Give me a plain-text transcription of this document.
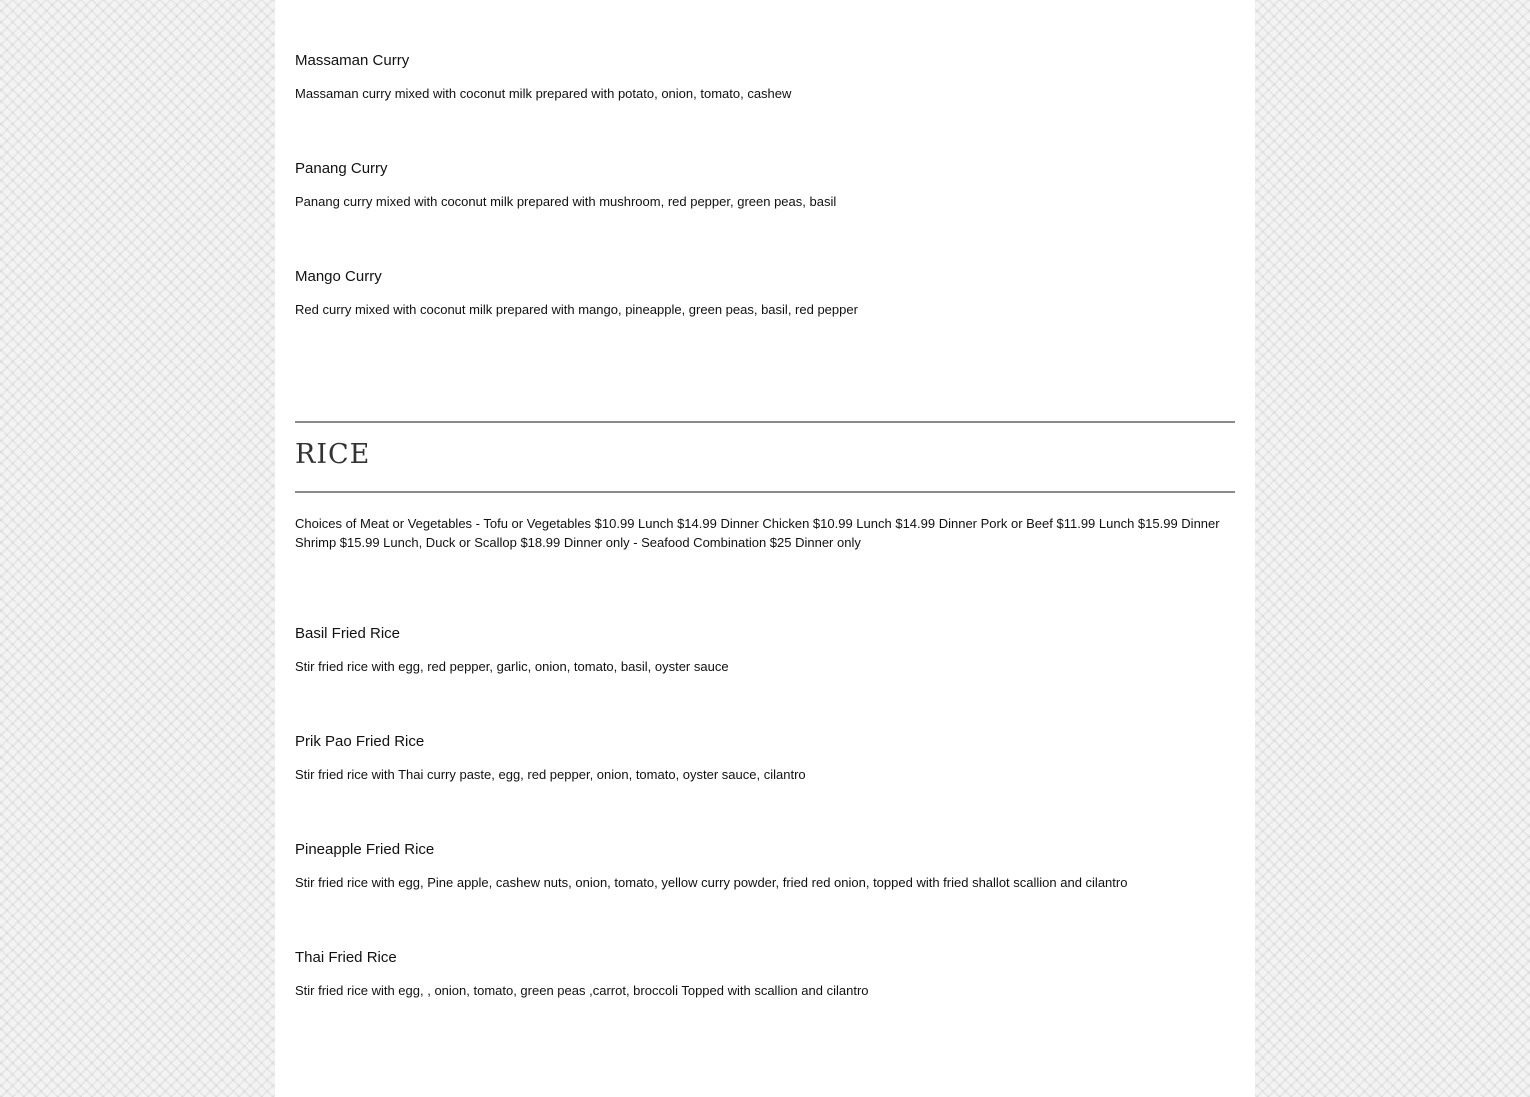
Massaman Curry

Massaman curry mixed with coconut milk prepared with potato, onion, tomato, cashew

Panang Curry

Panang curry mixed with coconut milk prepared with mushroom, red pepper, green peas, basil

Mango Curry

Red curry mixed with coconut milk prepared with mango, pineapple, green peas, basil, red pepper

RICE

Choices of Meat or Vegetables - Tofu or Vegetables $10.99 Lunch $14.99 Dinner Chicken $10.99 Lunch $14.99 Dinner Pork or Beef $11.99 Lunch $15.99 Dinner Shrimp $15.99 Lunch, Duck or Scallop $18.99 Dinner only - Seafood Combination $25 Dinner only

Basil Fried Rice

Stir fried rice with egg, red pepper, garlic, onion, tomato, basil, oyster sauce

Prik Pao Fried Rice

Stir fried rice with Thai curry paste, egg, red pepper, onion, tomato, oyster sauce, cilantro

Pineapple Fried Rice

Stir fried rice with egg, Pine apple, cashew nuts, onion, tomato, yellow curry powder, fried red onion, topped with fried shallot scallion and cilantro

Thai Fried Rice

Stir fried rice with egg, , onion, tomato, green peas ,carrot, broccoli Topped with scallion and cilantro
